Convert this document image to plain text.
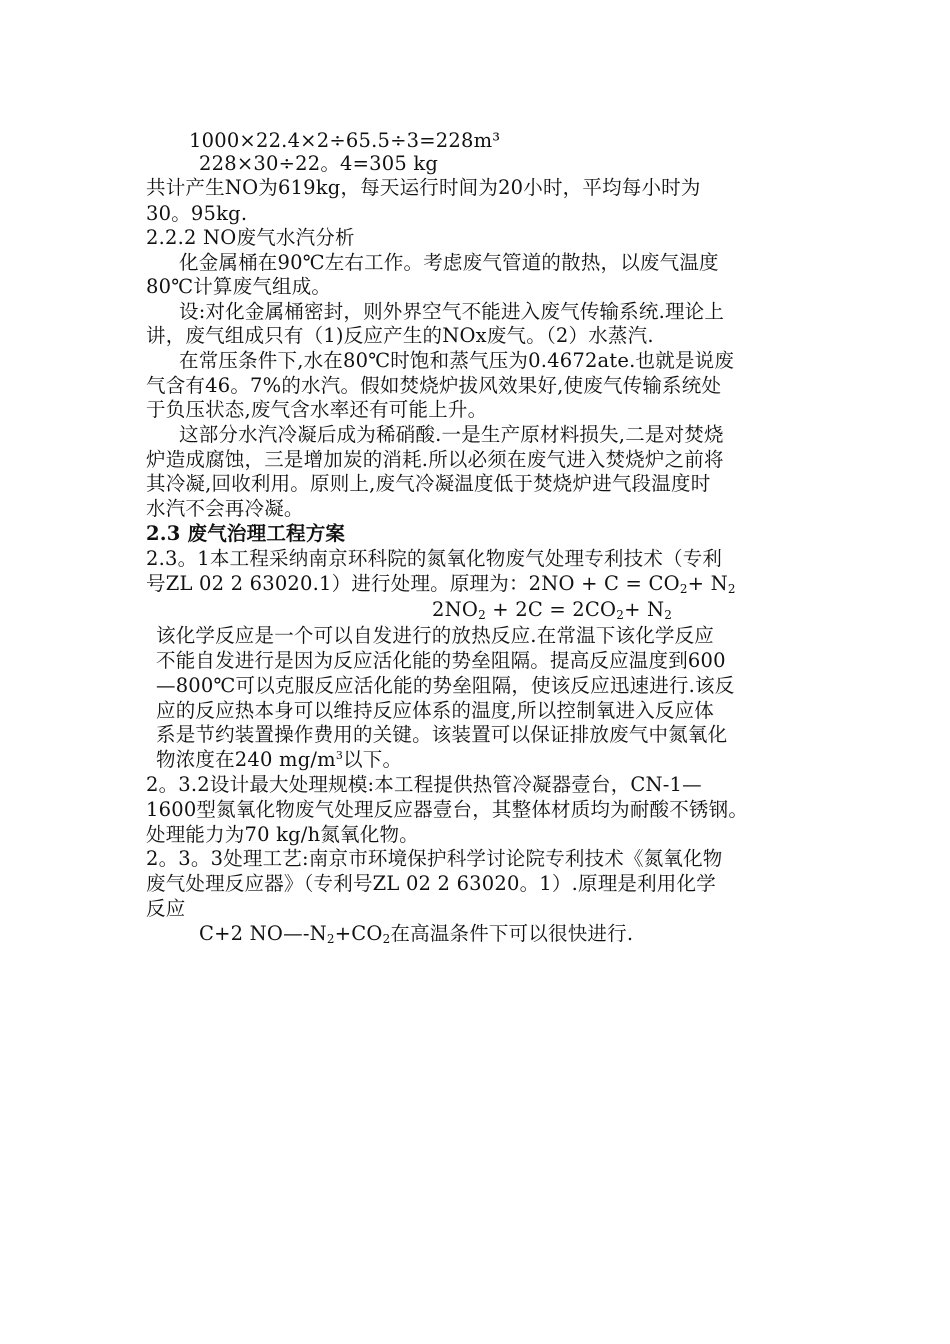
1000×22.4×2÷65.5÷3=228m³
228×30÷22。4=305 kg
共计产生NO为619kg，每天运行时间为20小时，平均每小时为
30。95kg.
2.2.2 NO废气水汽分析
化金属桶在90℃左右工作。考虑废气管道的散热，以废气温度
80℃计算废气组成。
设:对化金属桶密封，则外界空气不能进入废气传输系统.理论上
讲，废气组成只有（1)反应产生的NOx废气。（2）水蒸汽.
在常压条件下,水在80℃时饱和蒸气压为0.4672ate.也就是说废
气含有46。7%的水汽。假如焚烧炉拔风效果好,使废气传输系统处
于负压状态,废气含水率还有可能上升。
这部分水汽冷凝后成为稀硝酸.一是生产原材料损失,二是对焚烧
炉造成腐蚀，三是增加炭的消耗.所以必须在废气进入焚烧炉之前将
其冷凝,回收利用。原则上,废气冷凝温度低于焚烧炉进气段温度时
水汽不会再冷凝。
2.3 废气治理工程方案
2.3。1本工程采纳南京环科院的氮氧化物废气处理专利技术（专利
号ZL 02 2 63020.1）进行处理。原理为：$2NO + C = CO_2+ N_2$
$2NO_2 + 2C = 2CO_2+ N_2$
该化学反应是一个可以自发进行的放热反应.在常温下该化学反应
不能自发进行是因为反应活化能的势垒阻隔。提高反应温度到600
—800℃可以克服反应活化能的势垒阻隔，使该反应迅速进行.该反
应的反应热本身可以维持反应体系的温度,所以控制氧进入反应体
系是节约装置操作费用的关键。该装置可以保证排放废气中氮氧化
物浓度在240 $mg/m^3$以下。
2。3.2设计最大处理规模:本工程提供热管冷凝器壹台，CN-1—
1600型氮氧化物废气处理反应器壹台，其整体材质均为耐酸不锈钢。
处理能力为70 kg/h氮氧化物。
2。3。3处理工艺:南京市环境保护科学讨论院专利技术《氮氧化物
废气处理反应器》（专利号ZL 02 2 63020。1）.原理是利用化学
反应
C+2 $NO—-N_2+CO_2$在高温条件下可以很快进行.
